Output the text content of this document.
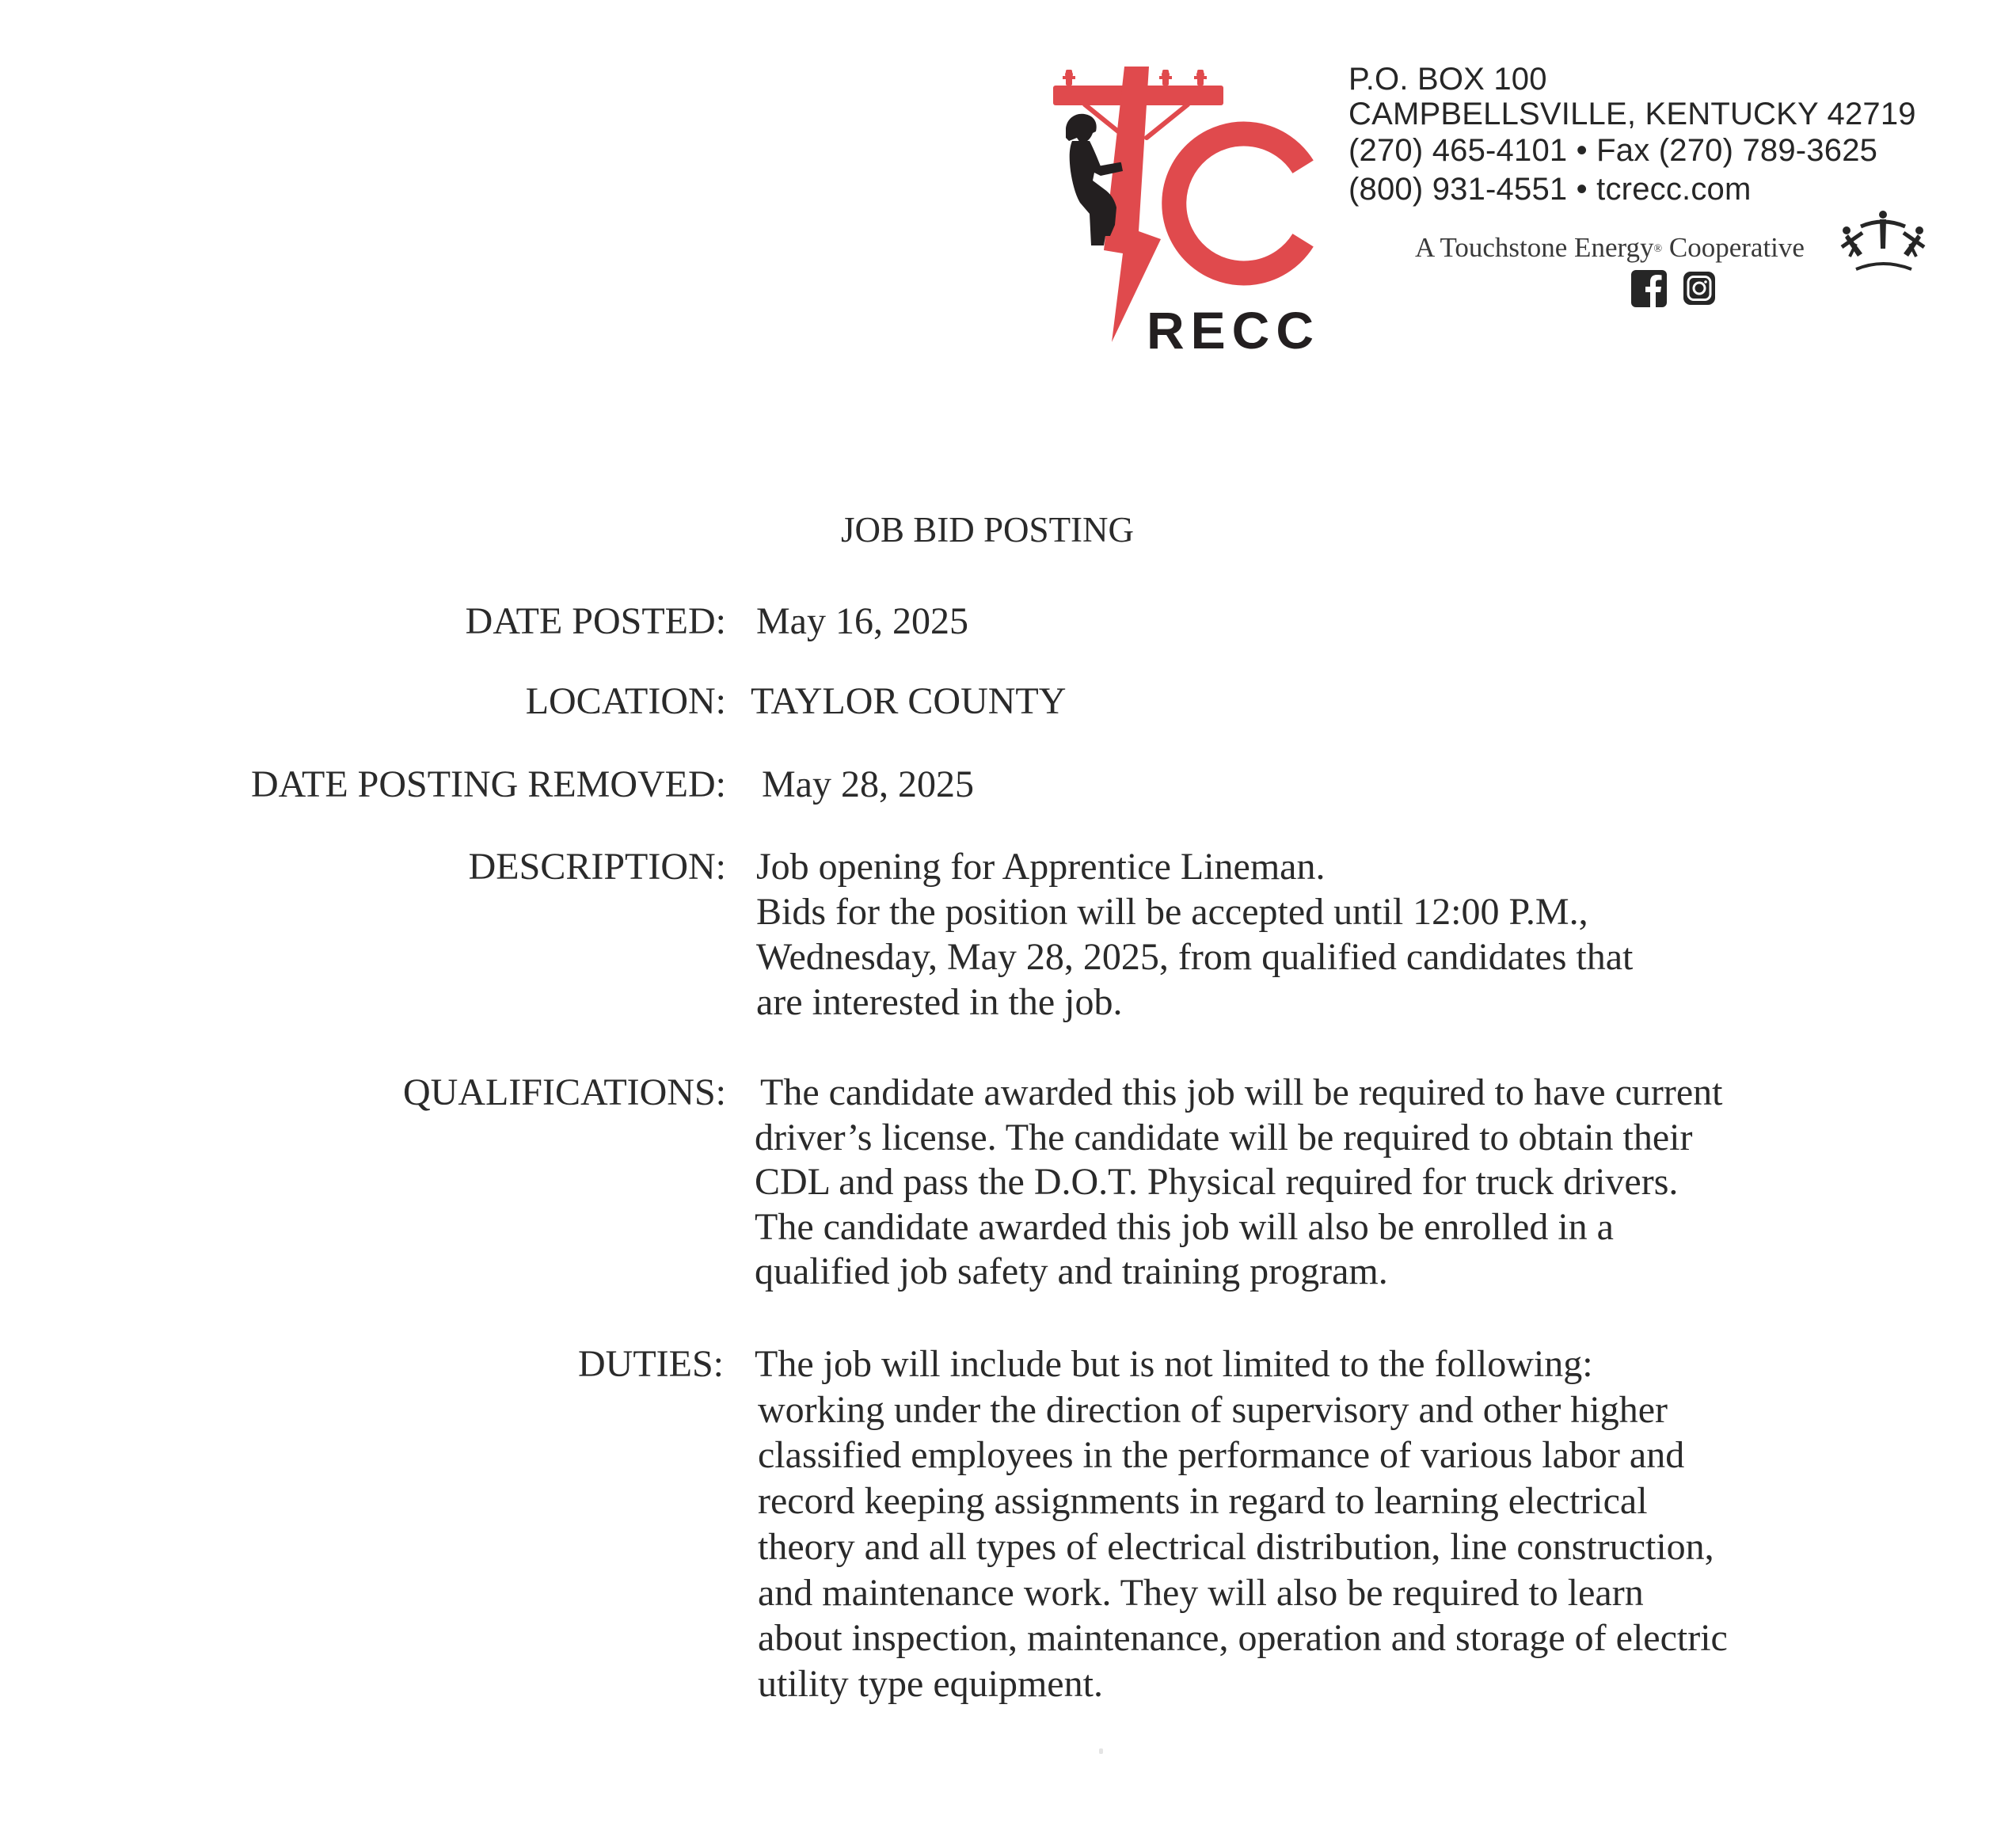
RECC
P.O. BOX 100
CAMPBELLSVILLE, KENTUCKY 42719
(270) 465-4101 • Fax (270) 789-3625
(800) 931-4551 • tcrecc.com
A Touchstone Energy® Cooperative
JOB BID POSTING
DATE POSTED: May 16, 2025
LOCATION: TAYLOR COUNTY
DATE POSTING REMOVED: May 28, 2025
DESCRIPTION: Job opening for Apprentice Lineman.
Bids for the position will be accepted until 12:00 P.M.,
Wednesday, May 28, 2025, from qualified candidates that
are interested in the job.
QUALIFICATIONS: The candidate awarded this job will be required to have current
driver’s license. The candidate will be required to obtain their
CDL and pass the D.O.T. Physical required for truck drivers.
The candidate awarded this job will also be enrolled in a
qualified job safety and training program.
DUTIES: The job will include but is not limited to the following:
working under the direction of supervisory and other higher
classified employees in the performance of various labor and
record keeping assignments in regard to learning electrical
theory and all types of electrical distribution, line construction,
and maintenance work. They will also be required to learn
about inspection, maintenance, operation and storage of electric
utility type equipment.
